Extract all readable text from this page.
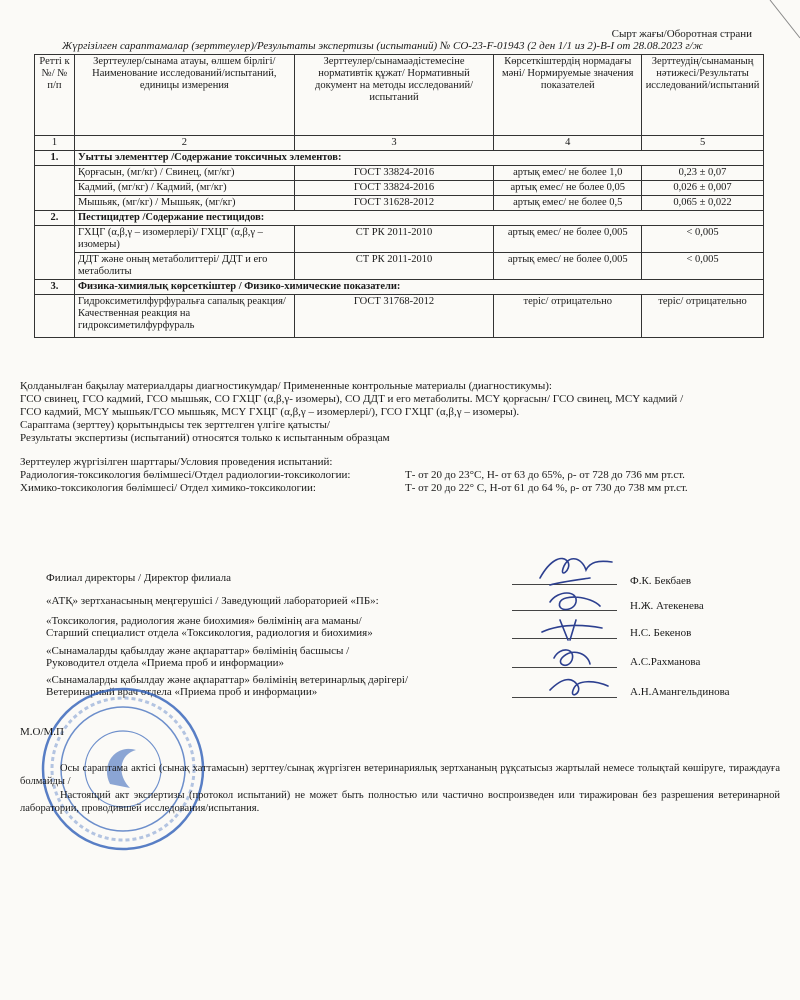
Сырт жағы/Оборотная страни
Жүргізілген сараптамалар (зерттеулер)/Результаты экспертизы (испытаний) № СО-23-F-01943 (2 ден 1/1 из 2)-В-І от 28.08.2023 г/ж
Ретті к №/ № п/п	Зерттеулер/сынама атауы, өлшем бірлігі/ Наименование исследований/испытаний, единицы измерения	Зерттеулер/сынамаәдістемесіне нормативтік құжат/ Нормативный документ на методы исследований/ испытаний	Көрсеткіштердің нормадағы мәні/ Нормируемые значения показателей	Зерттеудің/сынаманың нәтижесі/Результаты исследований/испытаний
1	2	3	4	5
1.	Уытты элементтер /Содержание токсичных элементов:			
	Қорғасын, (мг/кг) / Свинец, (мг/кг)	ГОСТ 33824-2016	артық емес/ не более 1,0	0,23 ± 0,07
	Кадмий, (мг/кг) / Кадмий, (мг/кг)	ГОСТ 33824-2016	артық емес/ не более 0,05	0,026 ± 0,007
	Мышьяк, (мг/кг) / Мышьяк, (мг/кг)	ГОСТ 31628-2012	артық емес/ не более 0,5	0,065 ± 0,022
2.	Пестицидтер /Содержание пестицидов:			
	ГХЦГ (α,β,γ – изомерлері)/ ГХЦГ (α,β,γ – изомеры)	СТ РК 2011-2010	артық емес/ не более 0,005	< 0,005
	ДДТ және оның метаболиттері/ ДДТ и его метаболиты	СТ РК 2011-2010	артық емес/ не более 0,005	< 0,005
3.	Физика-химиялық көрсеткіштер / Физико-химические показатели:			
	Гидроксиметилфурфуральға сапалық реакция/Качественная реакция на гидроксиметилфурфураль	ГОСТ 31768-2012	теріс/ отрицательно	теріс/ отрицательно
Қолданылған бақылау материалдары диагностикумдар/ Примененные контрольные материалы (диагностикумы):
ГСО свинец, ГСО кадмий, ГСО мышьяк, СО ГХЦГ (α,β,γ- изомеры), СО ДДТ и его метаболиты. МСҮ қорғасын/ ГСО свинец, МСҮ кадмий /
ГСО кадмий, МСҮ мышьяк/ГСО мышьяк, МСҮ ГХЦГ (α,β,γ – изомерлері/), ГСО ГХЦГ (α,β,γ – изомеры).
Сараптама (зерттеу) қорытындысы тек зерттелген үлгіге қатысты/
Результаты экспертизы (испытаний) относятся только к испытанным образцам
Зерттеулер жүргізілген шарттары/Условия проведения испытаний:
Радиология-токсикология бөлімшесі/Отдел радиологии-токсикологии:	Т- от 20 до 23°С, Н- от 63 до 65%, ρ- от 728 до 736 мм рт.ст.
Химико-токсикология бөлімшесі/ Отдел химико-токсикологии:	Т- от 20 до 22° С, Н-от 61 до 64 %, ρ- от 730 до 738 мм рт.ст.
Филиал директоры / Директор филиала	Ф.К. Бекбаев
«АТҚ» зертханасының меңгерушісі / Заведующий лабораторией «ПБ»:	Н.Ж. Атекенева
«Токсикология, радиология және биохимия» бөлімінің аға маманы/
Старший специалист отдела «Токсикология, радиология и биохимия»	Н.С. Бекенов
«Сынамаларды қабылдау және ақпараттар» бөлімінің басшысы /
Руководител отдела «Приема проб и информации»	А.С.Рахманова
«Сынамаларды қабылдау және ақпараттар» бөлімінің ветеринарлық дәрігері/
Ветеринарный врач отдела «Приема проб и информации»	А.Н.Амангельдинова
М.О/М.П
Осы сараптама актісі (сынақ хаттамасын) зерттеу/сынақ жүргізген ветеринариялық зертхананың рұқсатысыз жартылай немесе толықтай көшіруге, тираждауға болмайды /
Настоящий акт экспертизы (протокол испытаний) не может быть полностью или частично воспроизведен или тиражирован без разрешения ветеринарной лаборатории, проводившей исследования/испытания.
